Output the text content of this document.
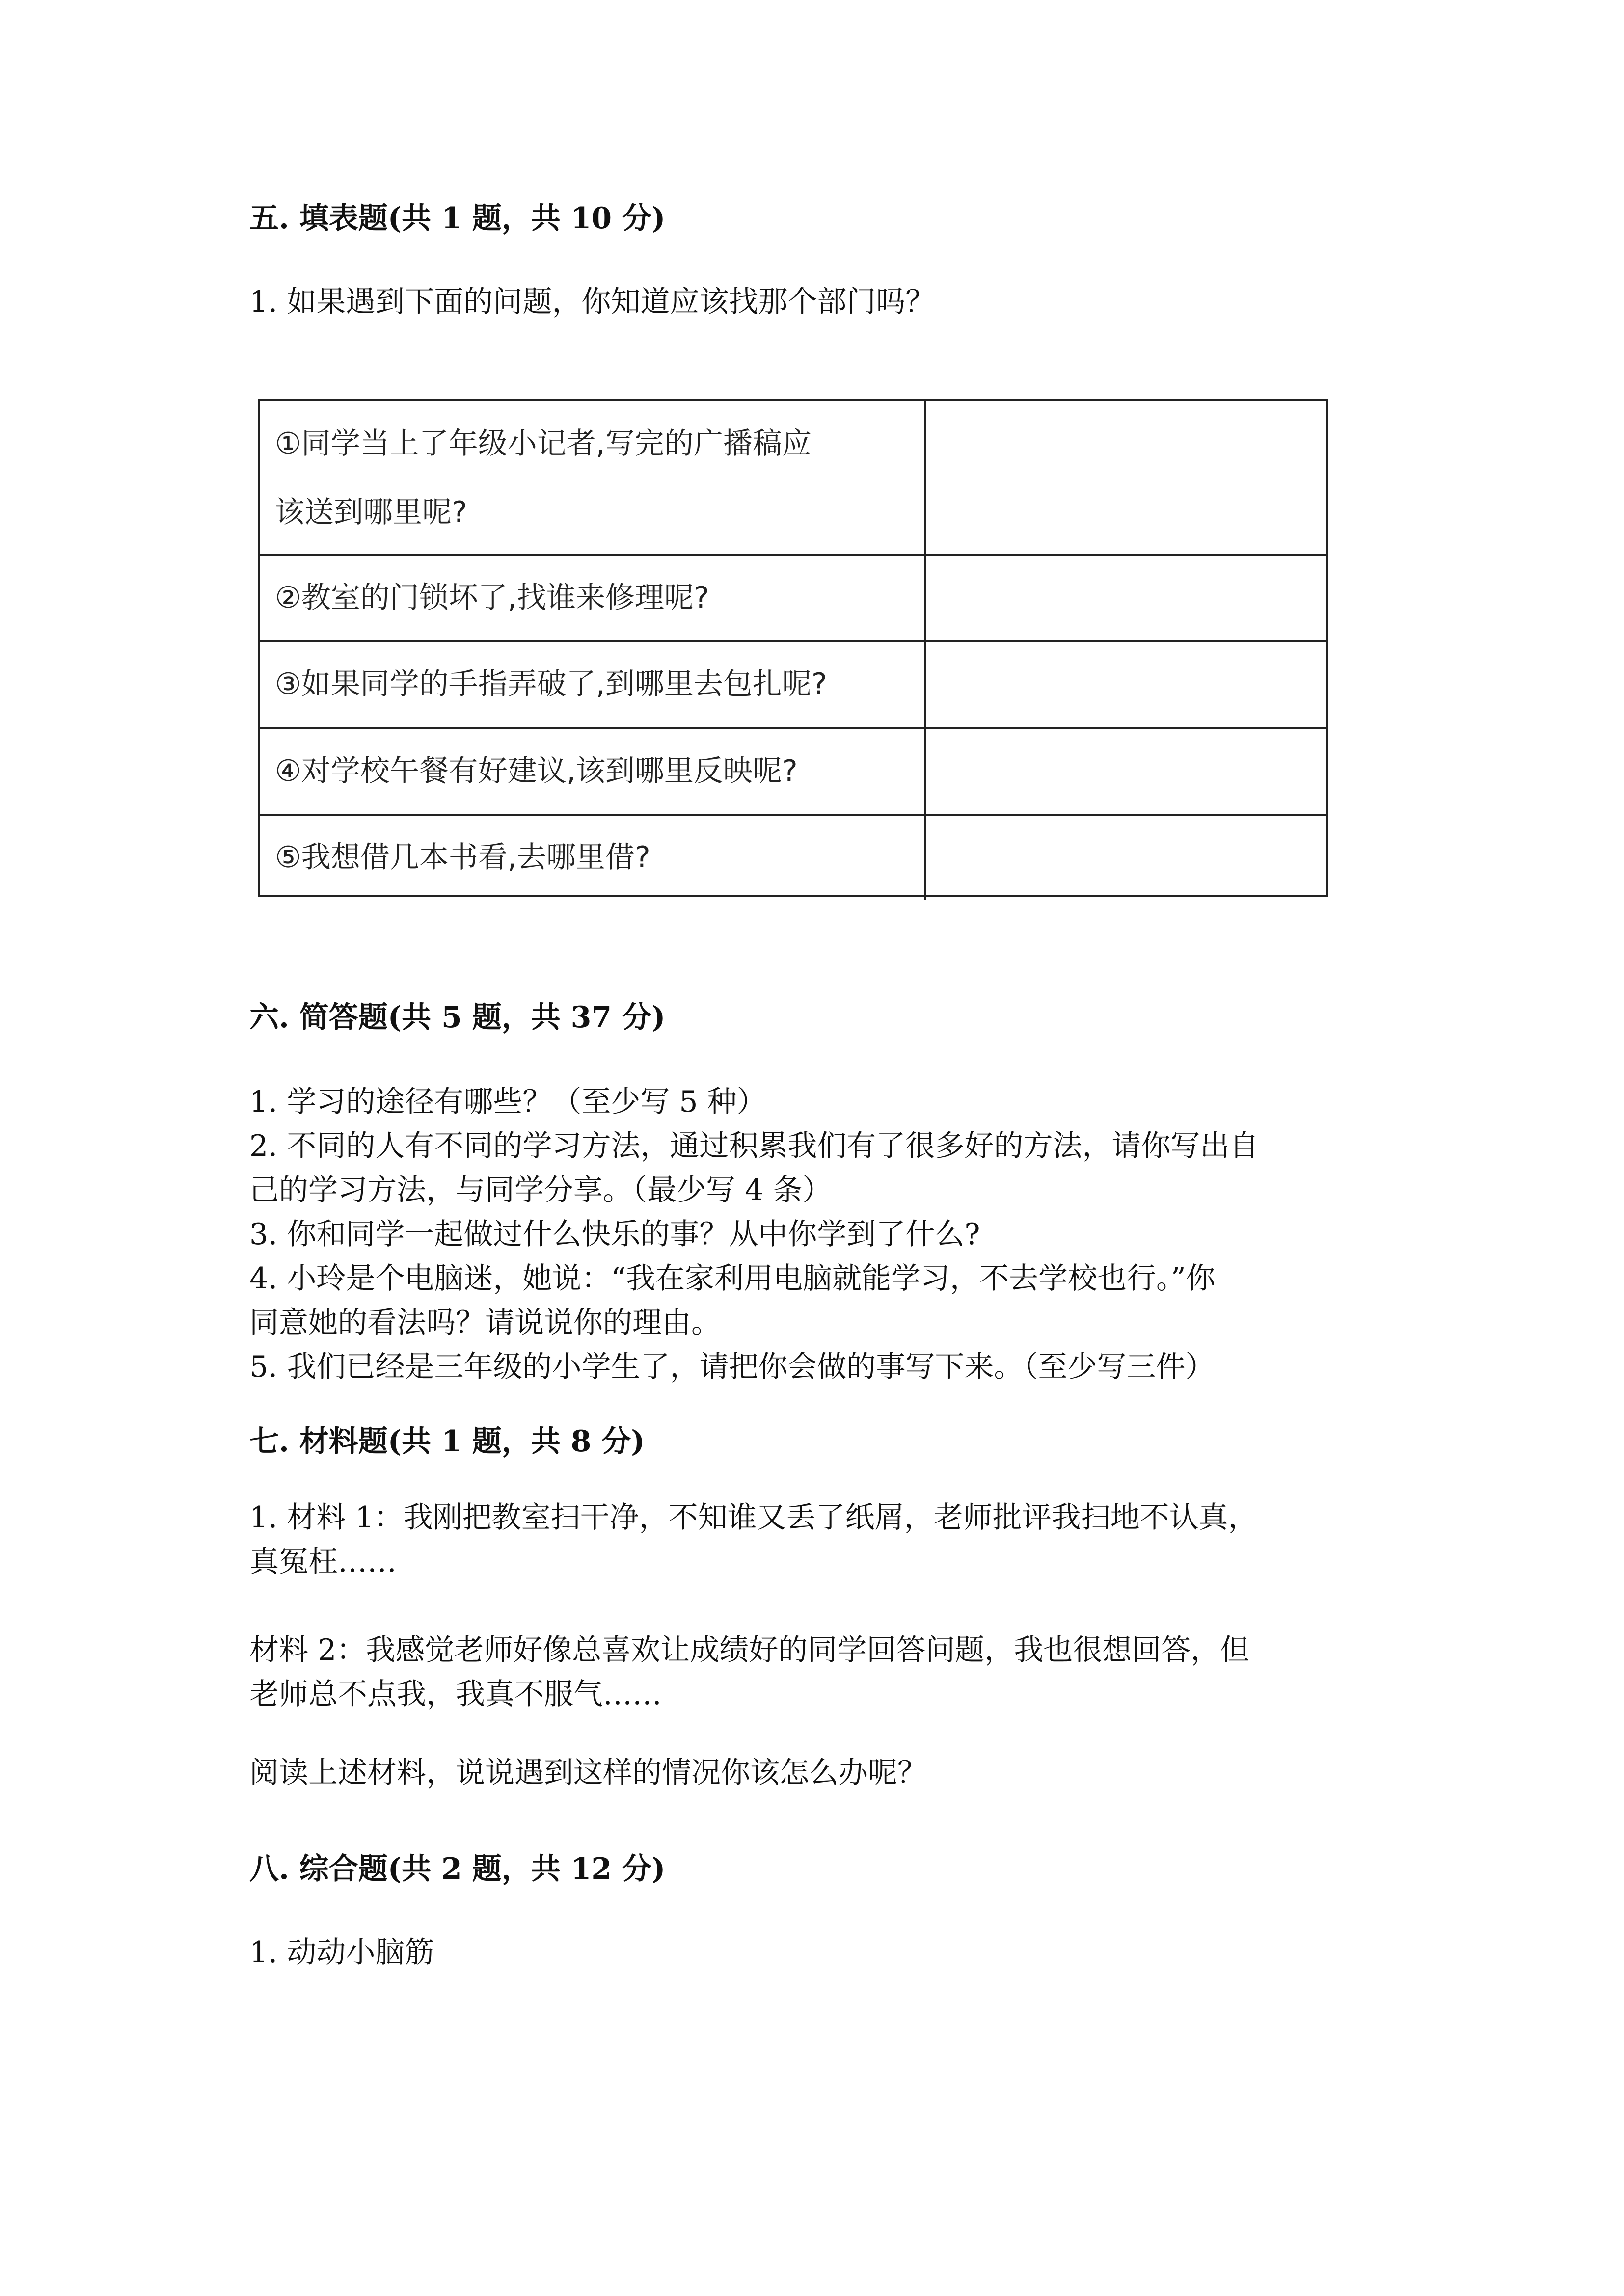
五. 填表题(共 1 题，共 10 分)
1. 如果遇到下面的问题，你知道应该找那个部门吗？
①同学当上了年级小记者,写完的广播稿应
该送到哪里呢?
②教室的门锁坏了,找谁来修理呢?
③如果同学的手指弄破了,到哪里去包扎呢?
④对学校午餐有好建议,该到哪里反映呢?
⑤我想借几本书看,去哪里借?
六. 简答题(共 5 题，共 37 分)
1. 学习的途径有哪些？（至少写 5 种）
2. 不同的人有不同的学习方法，通过积累我们有了很多好的方法，请你写出自
己的学习方法，与同学分享。（最少写 4 条）
3. 你和同学一起做过什么快乐的事？从中你学到了什么?
4. 小玲是个电脑迷，她说：“我在家利用电脑就能学习，不去学校也行。”你
同意她的看法吗？请说说你的理由。
5. 我们已经是三年级的小学生了，请把你会做的事写下来。（至少写三件）
七. 材料题(共 1 题，共 8 分)
1. 材料 1：我刚把教室扫干净，不知谁又丢了纸屑，老师批评我扫地不认真，
真冤枉……
材料 2：我感觉老师好像总喜欢让成绩好的同学回答问题，我也很想回答，但
老师总不点我，我真不服气……
阅读上述材料，说说遇到这样的情况你该怎么办呢？
八. 综合题(共 2 题，共 12 分)
1. 动动小脑筋
